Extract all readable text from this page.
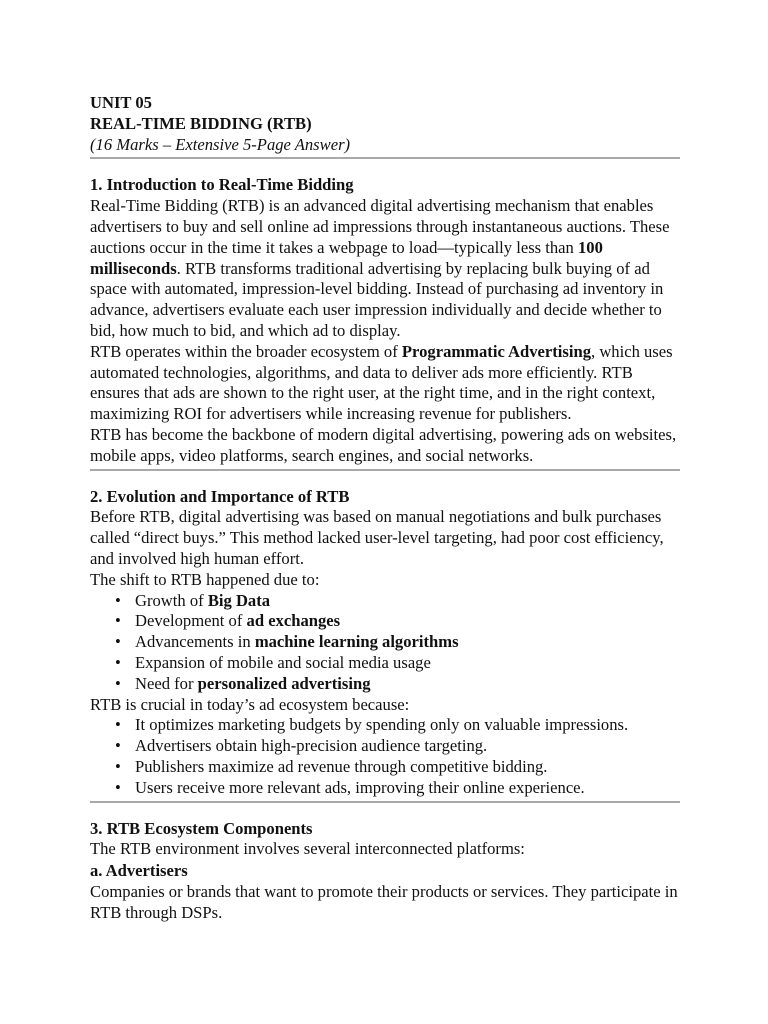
UNIT 05
REAL-TIME BIDDING (RTB)
(16 Marks – Extensive 5-Page Answer)
1. Introduction to Real-Time Bidding

Real-Time Bidding (RTB) is an advanced digital advertising mechanism that enables advertisers to buy and sell online ad impressions through instantaneous auctions. These auctions occur in the time it takes a webpage to load—typically less than 100 milliseconds. RTB transforms traditional advertising by replacing bulk buying of ad space with automated, impression-level bidding. Instead of purchasing ad inventory in advance, advertisers evaluate each user impression individually and decide whether to bid, how much to bid, and which ad to display.

RTB operates within the broader ecosystem of Programmatic Advertising, which uses automated technologies, algorithms, and data to deliver ads more efficiently. RTB ensures that ads are shown to the right user, at the right time, and in the right context, maximizing ROI for advertisers while increasing revenue for publishers.

RTB has become the backbone of modern digital advertising, powering ads on websites, mobile apps, video platforms, search engines, and social networks.

2. Evolution and Importance of RTB

Before RTB, digital advertising was based on manual negotiations and bulk purchases called “direct buys.” This method lacked user-level targeting, had poor cost efficiency, and involved high human effort.

The shift to RTB happened due to:

• Growth of Big Data
• Development of ad exchanges
• Advancements in machine learning algorithms
• Expansion of mobile and social media usage
• Need for personalized advertising

RTB is crucial in today’s ad ecosystem because:

• It optimizes marketing budgets by spending only on valuable impressions.
• Advertisers obtain high-precision audience targeting.
• Publishers maximize ad revenue through competitive bidding.
• Users receive more relevant ads, improving their online experience.
3. RTB Ecosystem Components

The RTB environment involves several interconnected platforms:

a. Advertisers

Companies or brands that want to promote their products or services. They participate in RTB through DSPs.
